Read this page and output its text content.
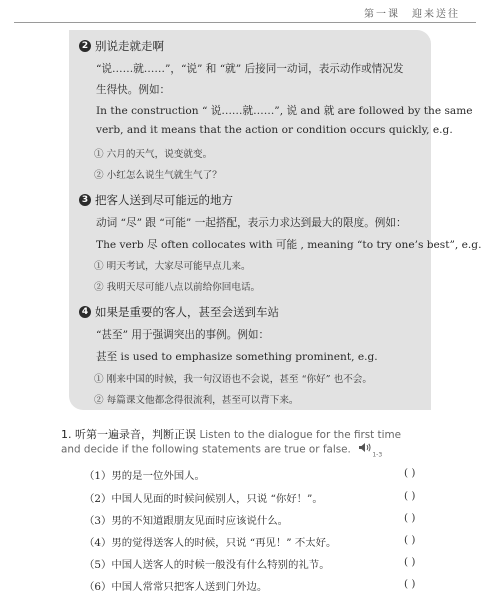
第一课　迎来送往
2 别说走就走啊
“说……就……”，“说” 和 “就” 后接同一动词，表示动作或情况发
生得快。例如：
In the construction “ 说……就……”, 说 and 就 are followed by the same
verb, and it means that the action or condition occurs quickly, e.g.
① 六月的天气，说变就变。
② 小红怎么说生气就生气了？
3 把客人送到尽可能远的地方
动词 “尽” 跟 “可能” 一起搭配，表示力求达到最大的限度。例如：
The verb 尽 often collocates with 可能 , meaning “to try one’s best”, e.g.
① 明天考试，大家尽可能早点儿来。
② 我明天尽可能八点以前给你回电话。
4 如果是重要的客人，甚至会送到车站
“甚至” 用于强调突出的事例。例如：
甚至 is used to emphasize something prominent, e.g.
① 刚来中国的时候，我一句汉语也不会说，甚至 “你好” 也不会。
② 每篇课文他都念得很流利，甚至可以背下来。
1. 听第一遍录音，判断正误 Listen to the dialogue for the first time and decide if the following statements are true or false.	$_{1-3}$
（1）男的是一位外国人。	( )
（2）中国人见面的时候问候别人，只说 “你好！”。	( )
（3）男的不知道跟朋友见面时应该说什么。	( )
（4）男的觉得送客人的时候，只说 “再见！” 不太好。	( )
（5）中国人送客人的时候一般没有什么特别的礼节。	( )
（6）中国人常常只把客人送到门外边。	( )
